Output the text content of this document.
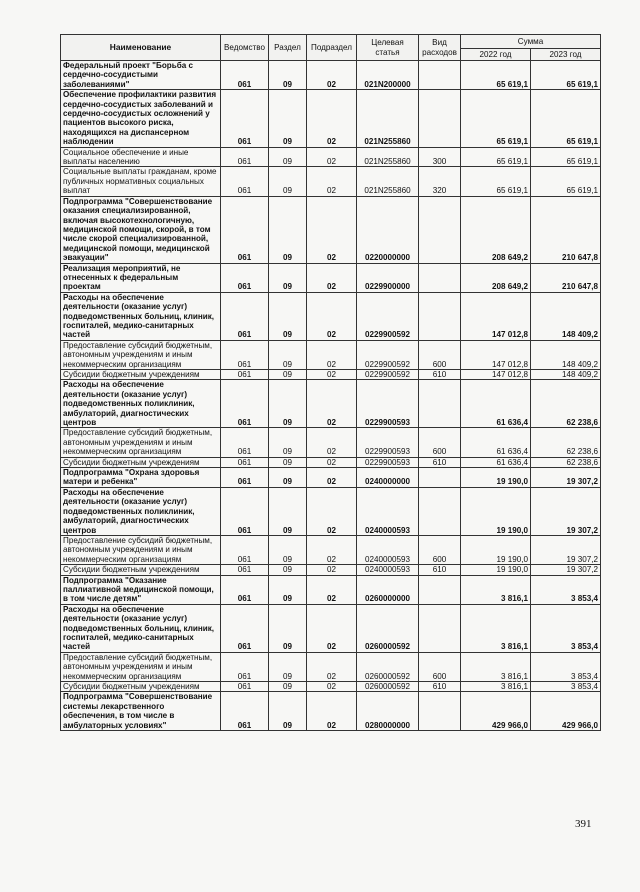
Наименование	Ведомство	Раздел	Подраздел	Целевая статья	Вид расходов	Сумма	
						2022 год	2023 год
Федеральный проект "Борьба с сердечно-сосудистыми заболеваниями"	061	09	02	021N200000		65 619,1	65 619,1
Обеспечение профилактики развития сердечно-сосудистых заболеваний и сердечно-сосудистых осложнений у пациентов высокого риска, находящихся на диспансерном наблюдении	061	09	02	021N255860		65 619,1	65 619,1
Социальное обеспечение и иные выплаты населению	061	09	02	021N255860	300	65 619,1	65 619,1
Социальные выплаты гражданам, кроме публичных нормативных социальных выплат	061	09	02	021N255860	320	65 619,1	65 619,1
Подпрограмма "Совершенствование оказания специализированной, включая высокотехнологичную, медицинской помощи, скорой, в том числе скорой специализированной, медицинской помощи, медицинской эвакуации"	061	09	02	0220000000		208 649,2	210 647,8
Реализация мероприятий, не отнесенных к федеральным проектам	061	09	02	0229900000		208 649,2	210 647,8
Расходы на обеспечение деятельности (оказание услуг) подведомственных больниц, клиник, госпиталей, медико-санитарных частей	061	09	02	0229900592		147 012,8	148 409,2
Предоставление субсидий бюджетным, автономным учреждениям и иным некоммерческим организациям	061	09	02	0229900592	600	147 012,8	148 409,2
Субсидии бюджетным учреждениям	061	09	02	0229900592	610	147 012,8	148 409,2
Расходы на обеспечение деятельности (оказание услуг) подведомственных поликлиник, амбулаторий, диагностических центров	061	09	02	0229900593		61 636,4	62 238,6
Предоставление субсидий бюджетным, автономным учреждениям и иным некоммерческим организациям	061	09	02	0229900593	600	61 636,4	62 238,6
Субсидии бюджетным учреждениям	061	09	02	0229900593	610	61 636,4	62 238,6
Подпрограмма "Охрана здоровья матери и ребенка"	061	09	02	0240000000		19 190,0	19 307,2
Расходы на обеспечение деятельности (оказание услуг) подведомственных поликлиник, амбулаторий, диагностических центров	061	09	02	0240000593		19 190,0	19 307,2
Предоставление субсидий бюджетным, автономным учреждениям и иным некоммерческим организациям	061	09	02	0240000593	600	19 190,0	19 307,2
Субсидии бюджетным учреждениям	061	09	02	0240000593	610	19 190,0	19 307,2
Подпрограмма "Оказание паллиативной медицинской помощи, в том числе детям"	061	09	02	0260000000		3 816,1	3 853,4
Расходы на обеспечение деятельности (оказание услуг) подведомственных больниц, клиник, госпиталей, медико-санитарных частей	061	09	02	0260000592		3 816,1	3 853,4
Предоставление субсидий бюджетным, автономным учреждениям и иным некоммерческим организациям	061	09	02	0260000592	600	3 816,1	3 853,4
Субсидии бюджетным учреждениям	061	09	02	0260000592	610	3 816,1	3 853,4
Подпрограмма "Совершенствование системы лекарственного обеспечения, в том числе в амбулаторных условиях"	061	09	02	0280000000		429 966,0	429 966,0
391
